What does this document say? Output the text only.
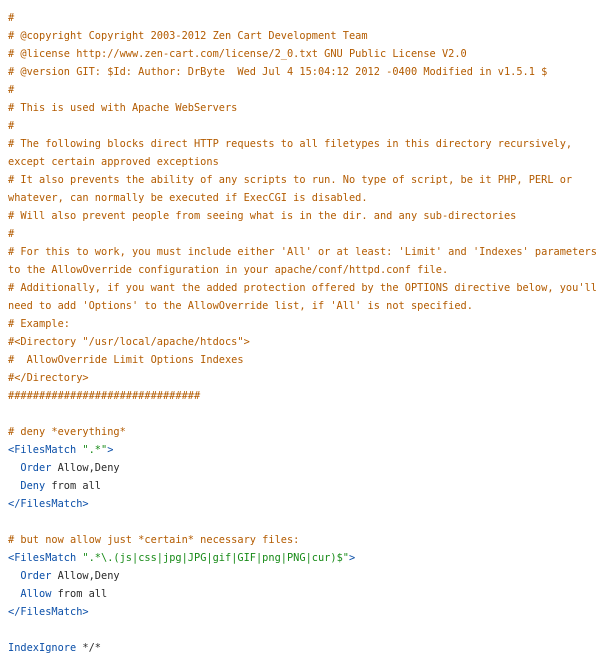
#
# @copyright Copyright 2003-2012 Zen Cart Development Team
# @license http://www.zen-cart.com/license/2_0.txt GNU Public License V2.0
# @version GIT: $Id: Author: DrByte  Wed Jul 4 15:04:12 2012 -0400 Modified in v1.5.1 $
#
# This is used with Apache WebServers
#
# The following blocks direct HTTP requests to all filetypes in this directory recursively,
except certain approved exceptions
# It also prevents the ability of any scripts to run. No type of script, be it PHP, PERL or
whatever, can normally be executed if ExecCGI is disabled.
# Will also prevent people from seeing what is in the dir. and any sub-directories
#
# For this to work, you must include either 'All' or at least: 'Limit' and 'Indexes' parameters
to the AllowOverride configuration in your apache/conf/httpd.conf file.
# Additionally, if you want the added protection offered by the OPTIONS directive below, you'll
need to add 'Options' to the AllowOverride list, if 'All' is not specified.
# Example:
#<Directory "/usr/local/apache/htdocs">
#  AllowOverride Limit Options Indexes
#</Directory>
###############################
# deny *everything*
<FilesMatch ".*">
Order Allow,Deny
Deny from all
</FilesMatch>
# but now allow just *certain* necessary files:
<FilesMatch ".*\.(js|css|jpg|JPG|gif|GIF|png|PNG|cur)$">
Order Allow,Deny
Allow from all
</FilesMatch>
IndexIgnore */*
